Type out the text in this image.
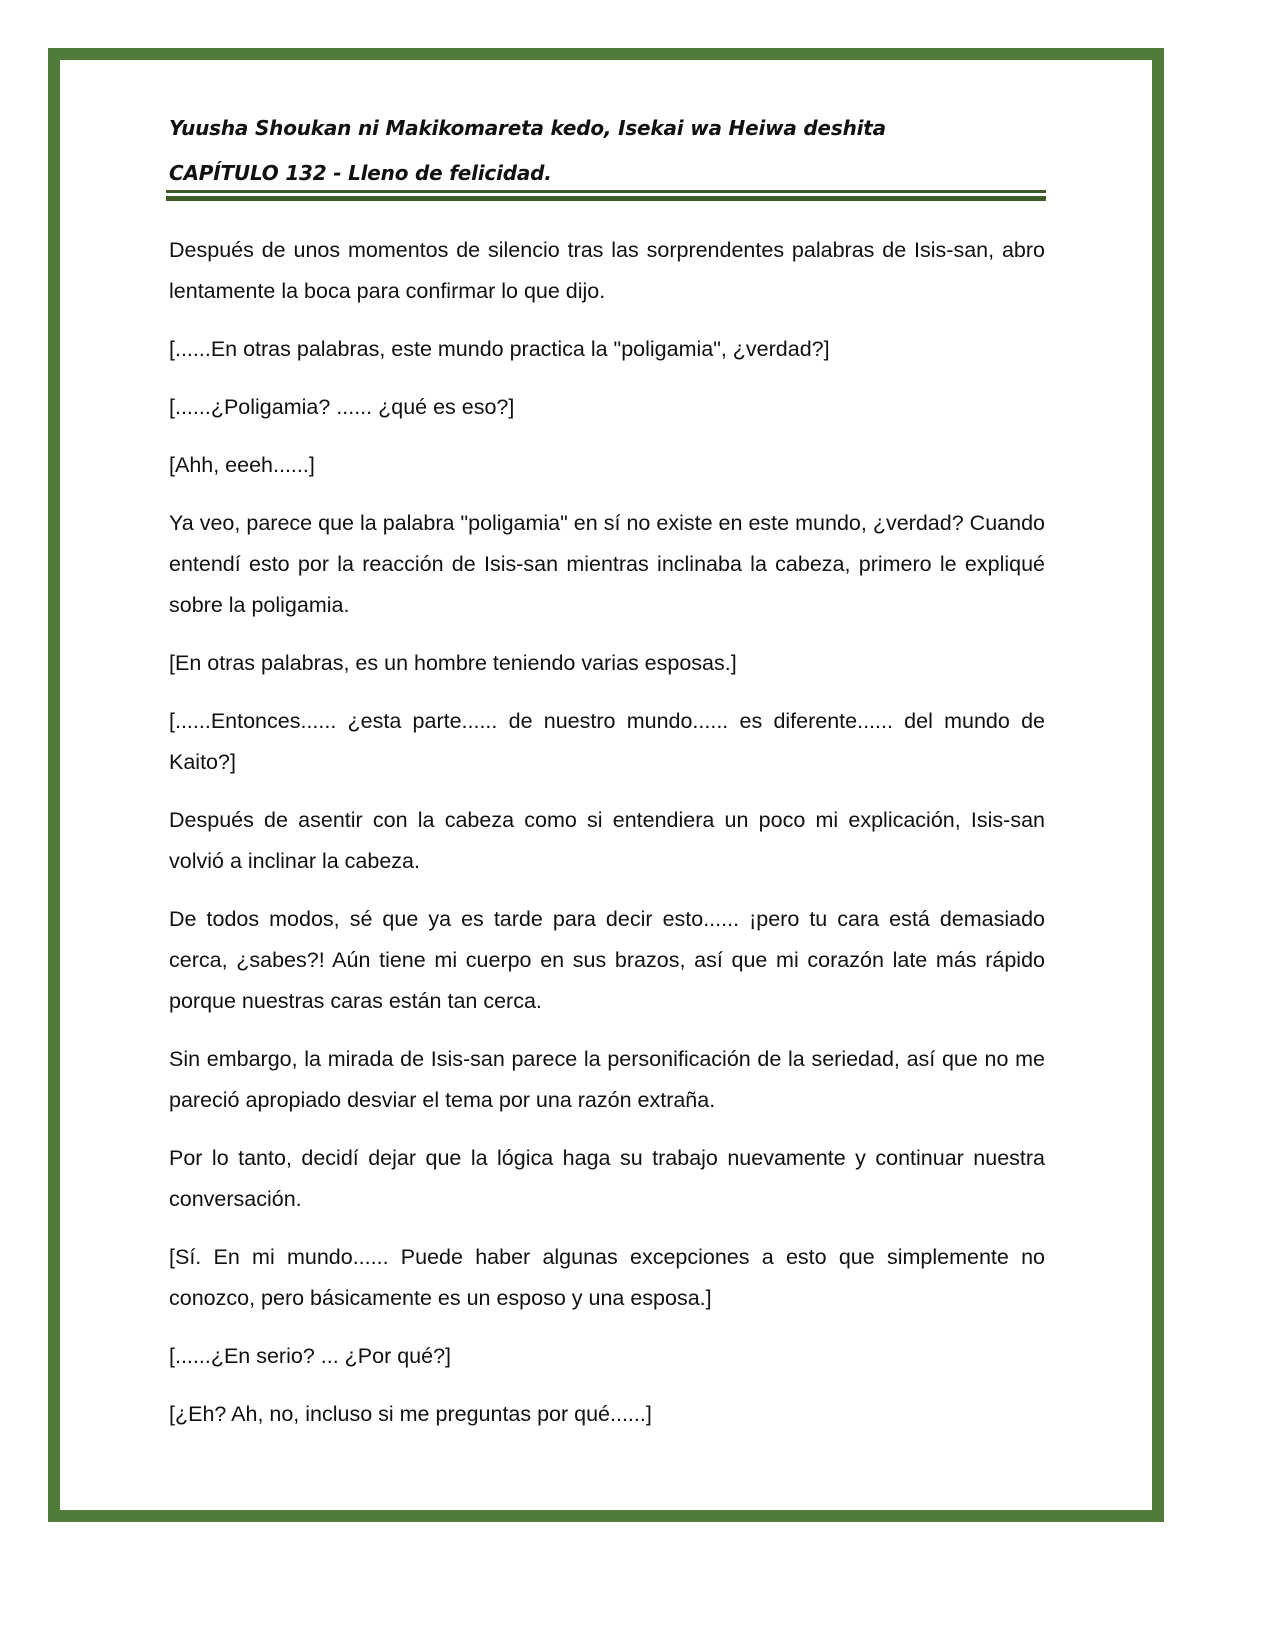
Yuusha Shoukan ni Makikomareta kedo, Isekai wa Heiwa deshita
CAPÍTULO 132 - Lleno de felicidad.

Después de unos momentos de silencio tras las sorprendentes palabras de Isis-san, abro lentamente la boca para confirmar lo que dijo.

[......En otras palabras, este mundo practica la "poligamia", ¿verdad?]

[......¿Poligamia? ...... ¿qué es eso?]

[Ahh, eeeh......]

Ya veo, parece que la palabra "poligamia" en sí no existe en este mundo, ¿verdad? Cuando entendí esto por la reacción de Isis-san mientras inclinaba la cabeza, primero le expliqué sobre la poligamia.

[En otras palabras, es un hombre teniendo varias esposas.]

[......Entonces...... ¿esta parte...... de nuestro mundo...... es diferente...... del mundo de Kaito?]

Después de asentir con la cabeza como si entendiera un poco mi explicación, Isis-san volvió a inclinar la cabeza.

De todos modos, sé que ya es tarde para decir esto...... ¡pero tu cara está demasiado cerca, ¿sabes?! Aún tiene mi cuerpo en sus brazos, así que mi corazón late más rápido porque nuestras caras están tan cerca.

Sin embargo, la mirada de Isis-san parece la personificación de la seriedad, así que no me pareció apropiado desviar el tema por una razón extraña.

Por lo tanto, decidí dejar que la lógica haga su trabajo nuevamente y continuar nuestra conversación.

[Sí. En mi mundo...... Puede haber algunas excepciones a esto que simplemente no conozco, pero básicamente es un esposo y una esposa.]

[......¿En serio? ... ¿Por qué?]

[¿Eh? Ah, no, incluso si me preguntas por qué......]
